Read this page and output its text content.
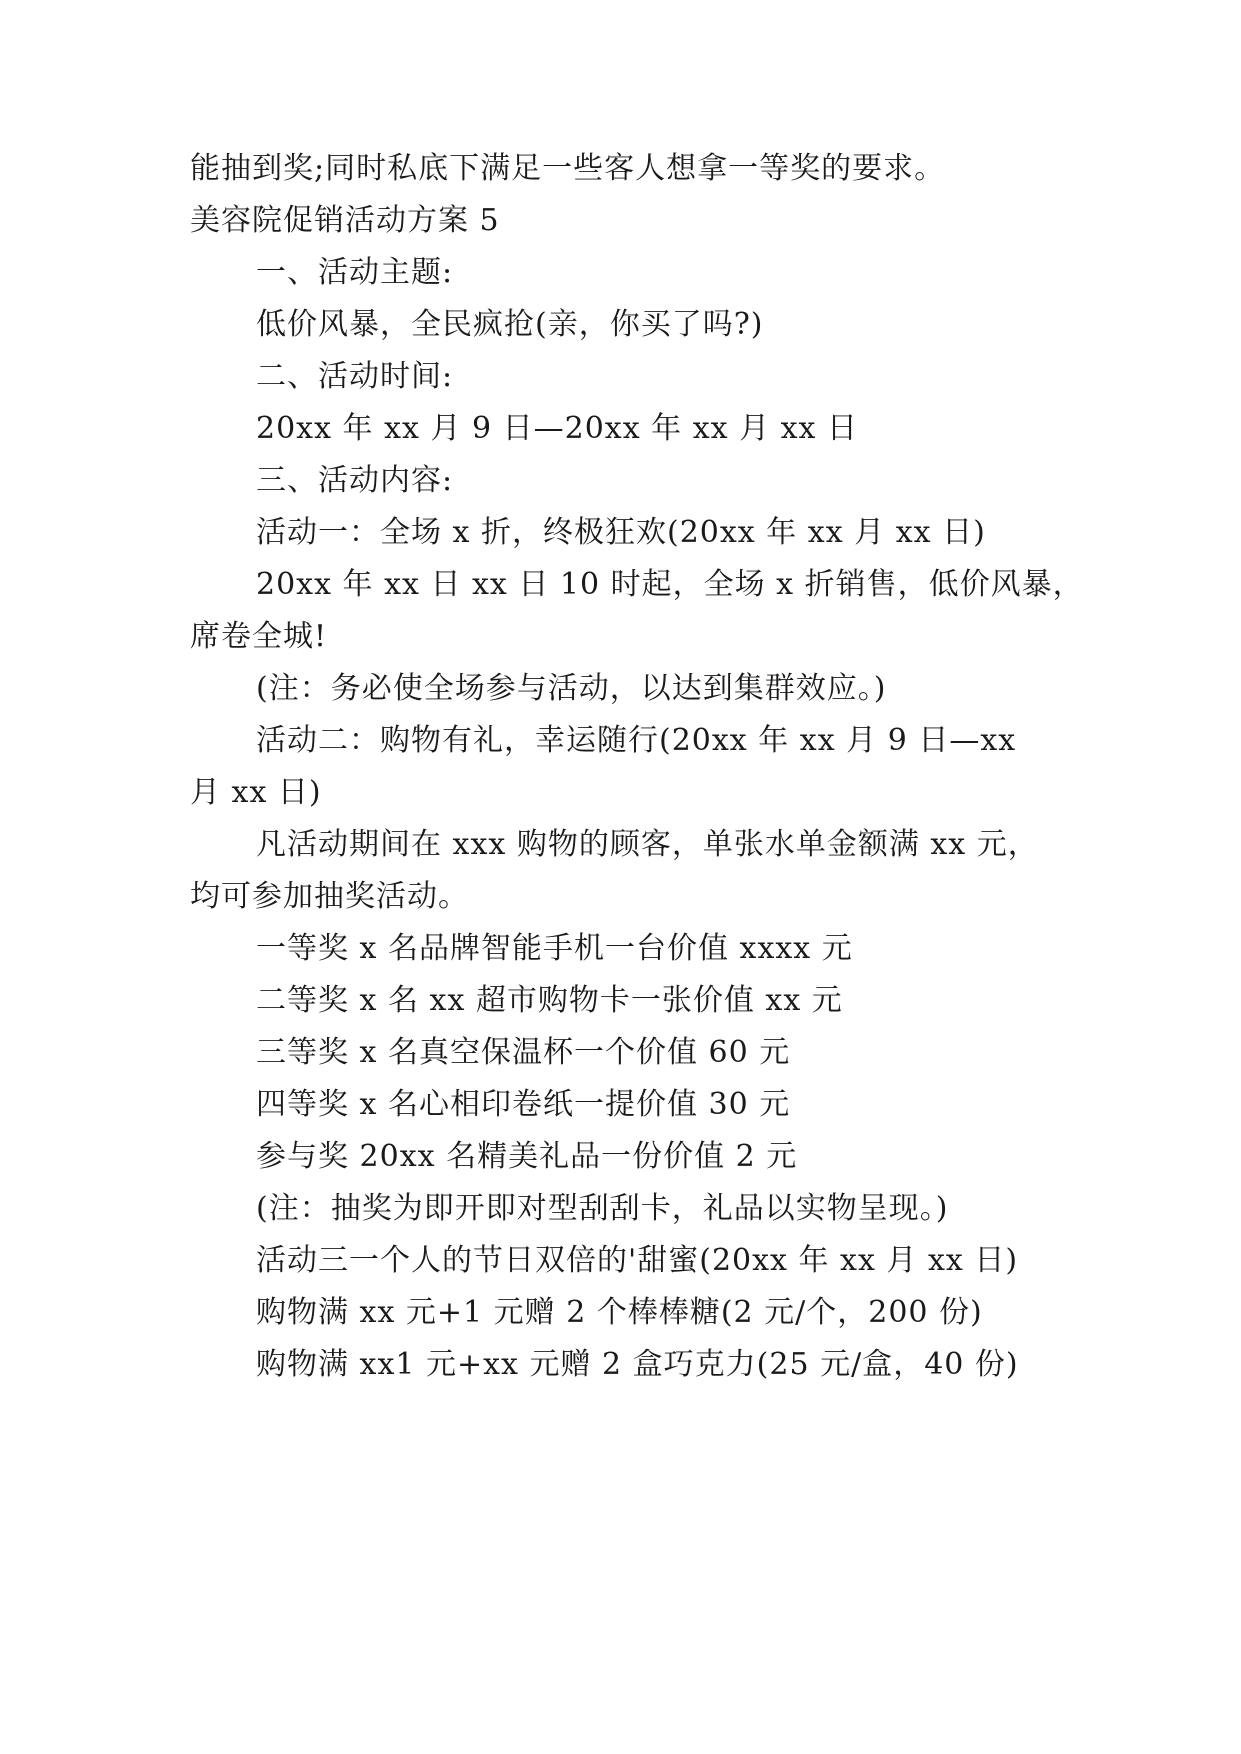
能抽到奖;同时私底下满足一些客人想拿一等奖的要求。
美容院促销活动方案 5
一、活动主题:
低价风暴，全民疯抢(亲，你买了吗?)
二、活动时间:
20xx 年 xx 月 9 日—20xx 年 xx 月 xx 日
三、活动内容:
活动一：全场 x 折，终极狂欢(20xx 年 xx 月 xx 日)
20xx 年 xx 日 xx 日 10 时起，全场 x 折销售，低价风暴，
席卷全城!
(注：务必使全场参与活动，以达到集群效应。)
活动二：购物有礼，幸运随行(20xx 年 xx 月 9 日—xx
月 xx 日)
凡活动期间在 xxx 购物的顾客，单张水单金额满 xx 元，
均可参加抽奖活动。
一等奖 x 名品牌智能手机一台价值 xxxx 元
二等奖 x 名 xx 超市购物卡一张价值 xx 元
三等奖 x 名真空保温杯一个价值 60 元
四等奖 x 名心相印卷纸一提价值 30 元
参与奖 20xx 名精美礼品一份价值 2 元
(注：抽奖为即开即对型刮刮卡，礼品以实物呈现。)
活动三一个人的节日双倍的'甜蜜(20xx 年 xx 月 xx 日)
购物满 xx 元+1 元赠 2 个棒棒糖(2 元/个，200 份)
购物满 xx1 元+xx 元赠 2 盒巧克力(25 元/盒，40 份)
